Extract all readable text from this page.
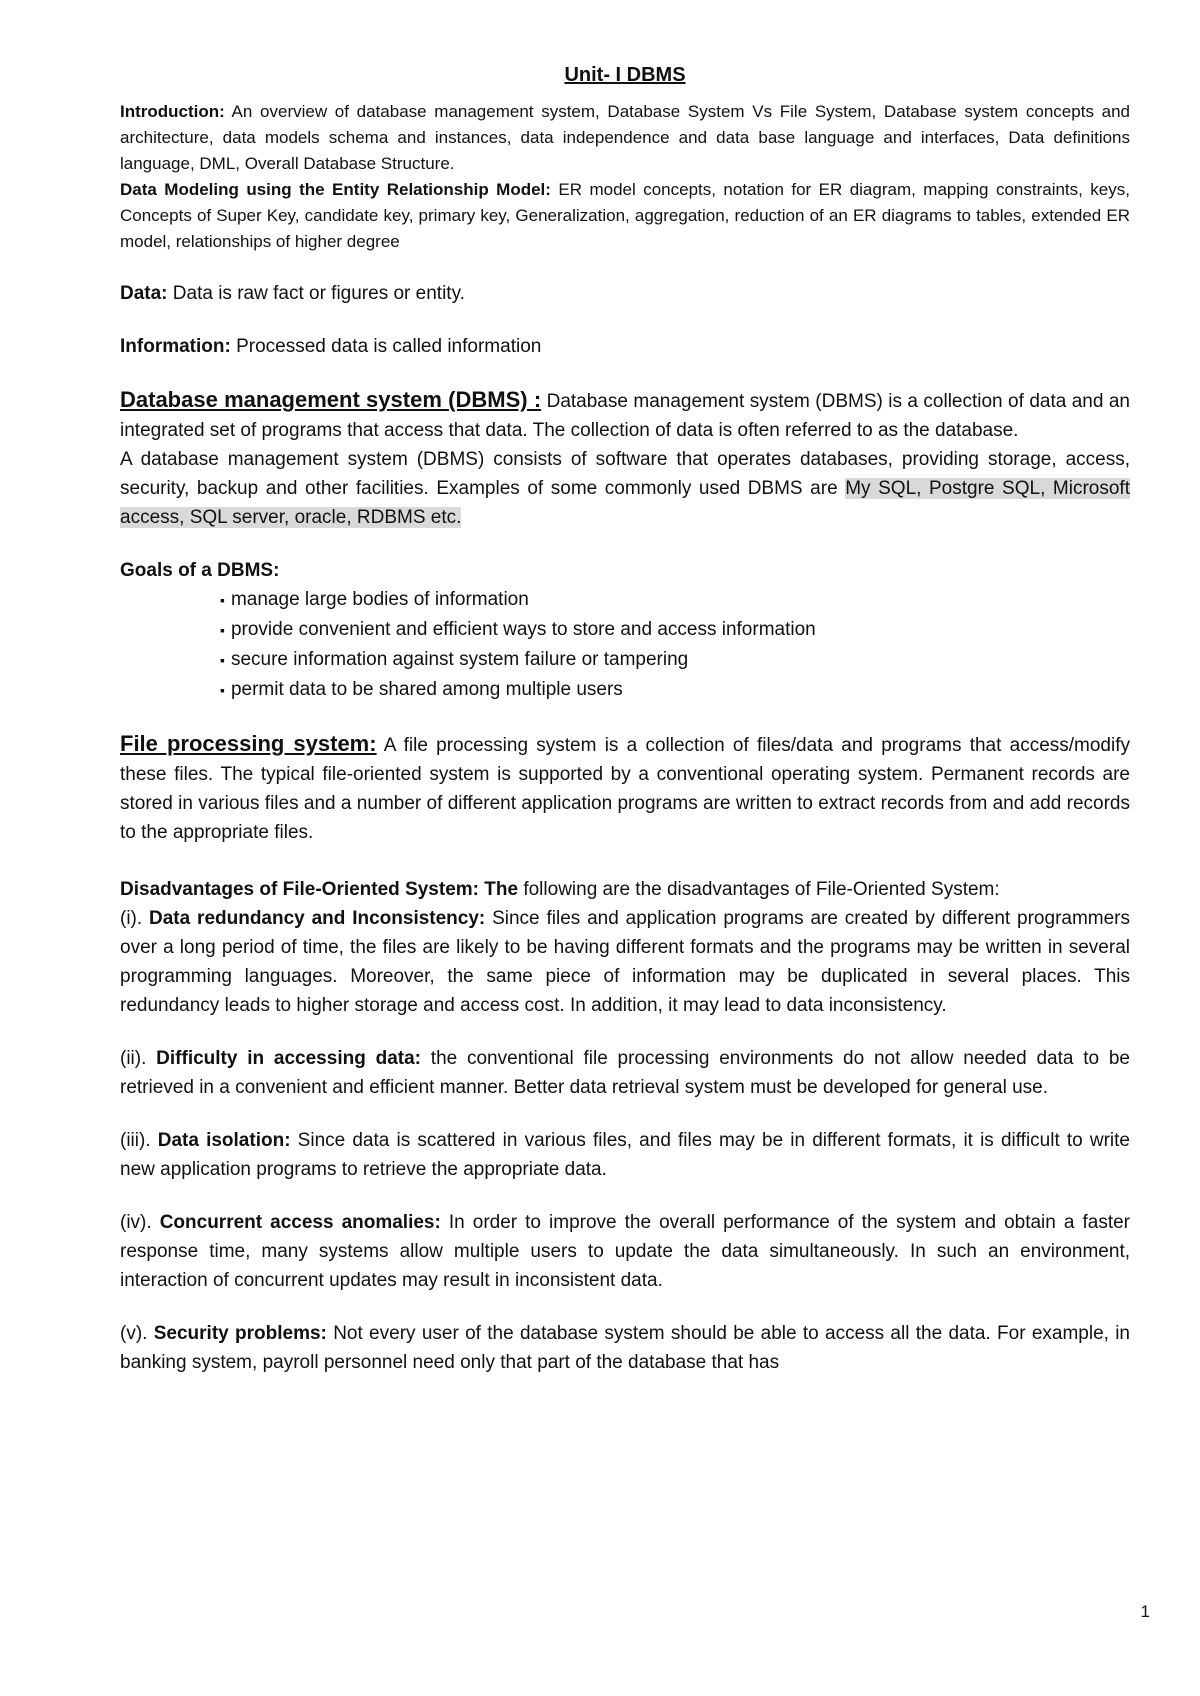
Unit- I DBMS

Introduction: An overview of database management system, Database System Vs File System, Database system concepts and architecture, data models schema and instances, data independence and data base language and interfaces, Data definitions language, DML, Overall Database Structure.

Data Modeling using the Entity Relationship Model: ER model concepts, notation for ER diagram, mapping constraints, keys, Concepts of Super Key, candidate key, primary key, Generalization, aggregation, reduction of an ER diagrams to tables, extended ER model, relationships of higher degree

Data: Data is raw fact or figures or entity.

Information: Processed data is called information

Database management system (DBMS) : Database management system (DBMS) is a collection of data and an integrated set of programs that access that data. The collection of data is often referred to as the database.

A database management system (DBMS) consists of software that operates databases, providing storage, access, security, backup and other facilities. Examples of some commonly used DBMS are My SQL, Postgre SQL, Microsoft access, SQL server, oracle, RDBMS etc.

Goals of a DBMS:

▪ manage large bodies of information
▪ provide convenient and efficient ways to store and access information
▪ secure information against system failure or tampering
▪ permit data to be shared among multiple users

File processing system: A file processing system is a collection of files/data and programs that access/modify these files. The typical file-oriented system is supported by a conventional operating system. Permanent records are stored in various files and a number of different application programs are written to extract records from and add records to the appropriate files.

Disadvantages of File-Oriented System: The following are the disadvantages of File-Oriented System:

(i). Data redundancy and Inconsistency: Since files and application programs are created by different programmers over a long period of time, the files are likely to be having different formats and the programs may be written in several programming languages. Moreover, the same piece of information may be duplicated in several places. This redundancy leads to higher storage and access cost. In addition, it may lead to data inconsistency.

(ii). Difficulty in accessing data: the conventional file processing environments do not allow needed data to be retrieved in a convenient and efficient manner. Better data retrieval system must be developed for general use.

(iii). Data isolation: Since data is scattered in various files, and files may be in different formats, it is difficult to write new application programs to retrieve the appropriate data.

(iv). Concurrent access anomalies: In order to improve the overall performance of the system and obtain a faster response time, many systems allow multiple users to update the data simultaneously. In such an environment, interaction of concurrent updates may result in inconsistent data.

(v). Security problems: Not every user of the database system should be able to access all the data. For example, in banking system, payroll personnel need only that part of the database that has

1
